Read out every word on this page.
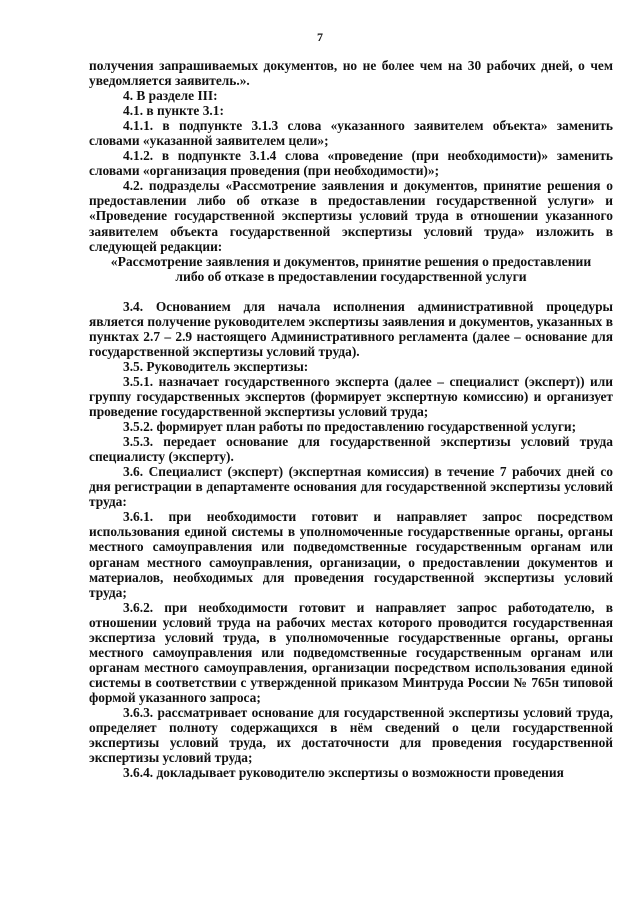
7

получения запрашиваемых документов, но не более чем на 30 рабочих дней, о чем уведомляется заявитель.».

4. В разделе III:

4.1. в пункте 3.1:

4.1.1. в подпункте 3.1.3 слова «указанного заявителем объекта» заменить словами «указанной заявителем цели»;

4.1.2. в подпункте 3.1.4 слова «проведение (при необходимости)» заменить словами «организация проведения (при необходимости)»;

4.2. подразделы «Рассмотрение заявления и документов, принятие решения о предоставлении либо об отказе в предоставлении государственной услуги» и «Проведение государственной экспертизы условий труда в отношении указанного заявителем объекта государственной экспертизы условий труда» изложить в следующей редакции:

«Рассмотрение заявления и документов, принятие решения о предоставлении либо об отказе в предоставлении государственной услуги

3.4. Основанием для начала исполнения административной процедуры является получение руководителем экспертизы заявления и документов, указанных в пунктах 2.7 – 2.9 настоящего Административного регламента (далее – основание для государственной экспертизы условий труда).

3.5. Руководитель экспертизы:

3.5.1. назначает государственного эксперта (далее – специалист (эксперт)) или группу государственных экспертов (формирует экспертную комиссию) и организует проведение государственной экспертизы условий труда;

3.5.2. формирует план работы по предоставлению государственной услуги;

3.5.3. передает основание для государственной экспертизы условий труда специалисту (эксперту).

3.6. Специалист (эксперт) (экспертная комиссия) в течение 7 рабочих дней со дня регистрации в департаменте основания для государственной экспертизы условий труда:

3.6.1. при необходимости готовит и направляет запрос посредством использования единой системы в уполномоченные государственные органы, органы местного самоуправления или подведомственные государственным органам или органам местного самоуправления, организации, о предоставлении документов и материалов, необходимых для проведения государственной экспертизы условий труда;

3.6.2. при необходимости готовит и направляет запрос работодателю, в отношении условий труда на рабочих местах которого проводится государственная экспертиза условий труда, в уполномоченные государственные органы, органы местного самоуправления или подведомственные государственным органам или органам местного самоуправления, организации посредством использования единой системы в соответствии с утвержденной приказом Минтруда России № 765н типовой формой указанного запроса;

3.6.3. рассматривает основание для государственной экспертизы условий труда, определяет полноту содержащихся в нём сведений о цели государственной экспертизы условий труда, их достаточности для проведения государственной экспертизы условий труда;

3.6.4. докладывает руководителю экспертизы о возможности проведения
